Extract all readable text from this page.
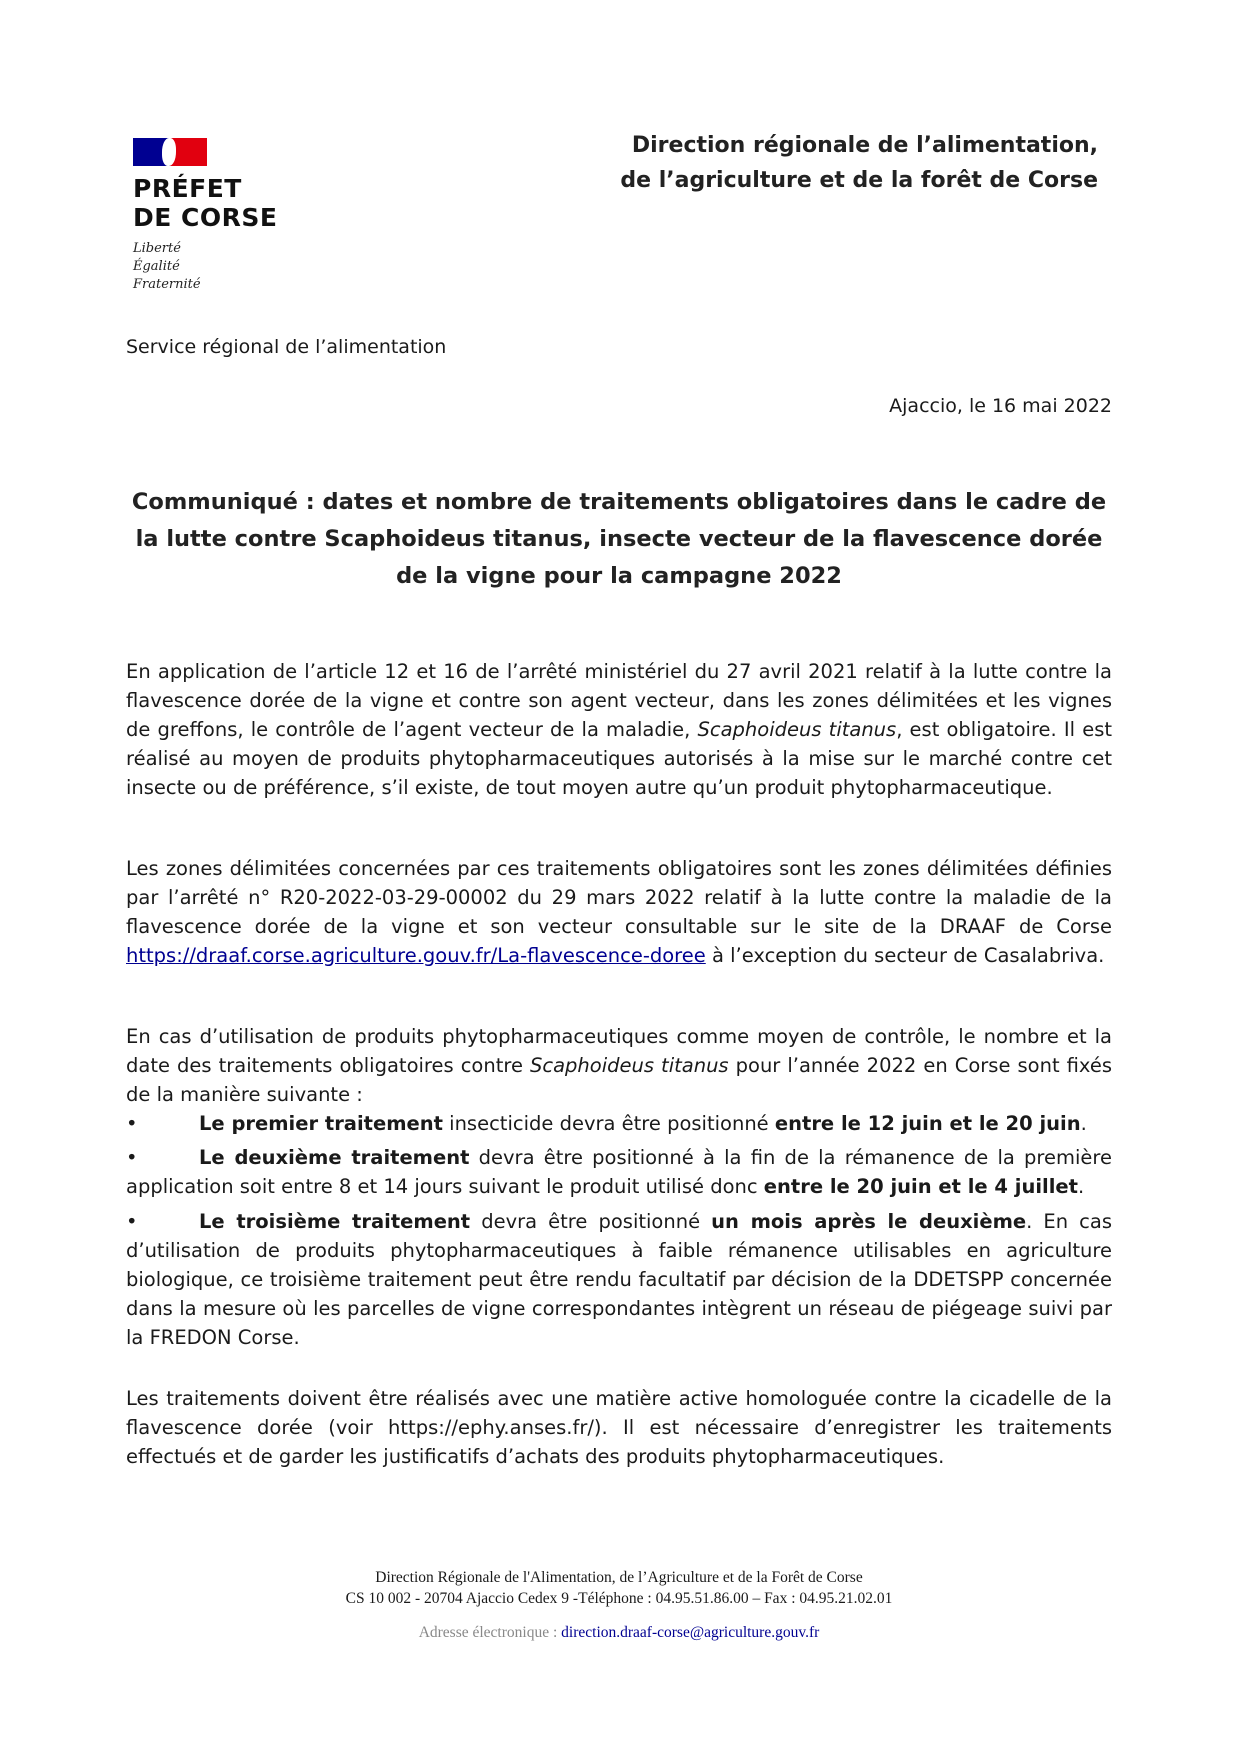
PRÉFET
DE CORSE
Liberté
Égalité
Fraternité
Direction régionale de l’alimentation,
de l’agriculture et de la forêt de Corse
Service régional de l’alimentation
Ajaccio, le 16 mai 2022
Communiqué : dates et nombre de traitements obligatoires dans le cadre de la lutte contre Scaphoideus titanus, insecte vecteur de la flavescence dorée de la vigne pour la campagne 2022

En application de l’article 12 et 16 de l’arrêté ministériel du 27 avril 2021 relatif à la lutte contre la flavescence dorée de la vigne et contre son agent vecteur, dans les zones délimitées et les vignes de greffons, le contrôle de l’agent vecteur de la maladie, Scaphoideus titanus, est obligatoire. Il est réalisé au moyen de produits phytopharmaceutiques autorisés à la mise sur le marché contre cet insecte ou de préférence, s’il existe, de tout moyen autre qu’un produit phytopharmaceutique.

Les zones délimitées concernées par ces traitements obligatoires sont les zones délimitées définies par l’arrêté n° R20-2022-03-29-00002 du 29 mars 2022 relatif à la lutte contre la maladie de la flavescence dorée de la vigne et son vecteur consultable sur le site de la DRAAF de Corse https://draaf.corse.agriculture.gouv.fr/La-flavescence-doree à l’exception du secteur de Casalabriva.

En cas d’utilisation de produits phytopharmaceutiques comme moyen de contrôle, le nombre et la date des traitements obligatoires contre Scaphoideus titanus pour l’année 2022 en Corse sont fixés de la manière suivante :

•	Le premier traitement insecticide devra être positionné entre le 12 juin et le 20 juin.

•	Le deuxième traitement devra être positionné à la fin de la rémanence de la première application soit entre 8 et 14 jours suivant le produit utilisé donc entre le 20 juin et le 4 juillet.

•	Le troisième traitement devra être positionné un mois après le deuxième. En cas d’utilisation de produits phytopharmaceutiques à faible rémanence utilisables en agriculture biologique, ce troisième traitement peut être rendu facultatif par décision de la DDETSPP concernée dans la mesure où les parcelles de vigne correspondantes intègrent un réseau de piégeage suivi par la FREDON Corse.

Les traitements doivent être réalisés avec une matière active homologuée contre la cicadelle de la flavescence dorée (voir https://ephy.anses.fr/). Il est nécessaire d’enregistrer les traitements effectués et de garder les justificatifs d’achats des produits phytopharmaceutiques.

Direction Régionale de l'Alimentation, de l’Agriculture et de la Forêt de Corse
CS 10 002 - 20704 Ajaccio Cedex 9 -Téléphone : 04.95.51.86.00 – Fax : 04.95.21.02.01
Adresse électronique : direction.draaf-corse@agriculture.gouv.fr
